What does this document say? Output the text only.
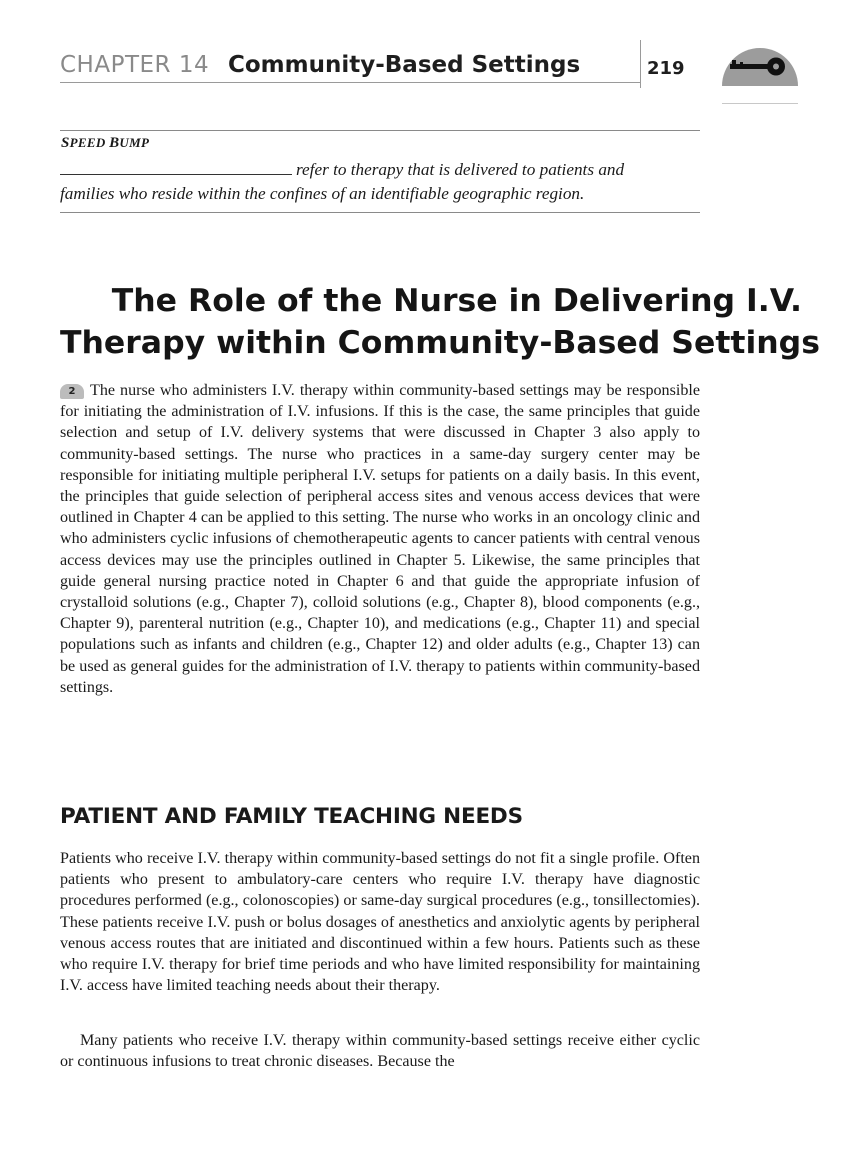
CHAPTER 14 Community-Based Settings	219
SPEED BUMP
refer to therapy that is delivered to patients and
families who reside within the confines of an identifiable geographic region.
The Role of the Nurse in Delivering I.V.
Therapy within Community-Based Settings

2 The nurse who administers I.V. therapy within community-based settings may be responsible for initiating the administration of I.V. infusions. If this is the case, the same principles that guide selection and setup of I.V. delivery systems that were discussed in Chapter 3 also apply to community-based settings. The nurse who practices in a same-day surgery center may be responsible for initiating multiple peripheral I.V. setups for patients on a daily basis. In this event, the principles that guide selection of peripheral access sites and venous access devices that were outlined in Chapter 4 can be applied to this setting. The nurse who works in an oncology clinic and who administers cyclic infusions of chemotherapeutic agents to cancer patients with central venous access devices may use the principles outlined in Chapter 5. Likewise, the same principles that guide general nursing practice noted in Chapter 6 and that guide the appropriate infusion of crystalloid solutions (e.g., Chapter 7), colloid solutions (e.g., Chapter 8), blood components (e.g., Chapter 9), parenteral nutrition (e.g., Chapter 10), and medications (e.g., Chapter 11) and special populations such as infants and children (e.g., Chapter 12) and older adults (e.g., Chapter 13) can be used as general guides for the administration of I.V. therapy to patients within community-based settings.

PATIENT AND FAMILY TEACHING NEEDS

Patients who receive I.V. therapy within community-based settings do not fit a single profile. Often patients who present to ambulatory-care centers who require I.V. therapy have diagnostic procedures performed (e.g., colonoscopies) or same-day surgical procedures (e.g., tonsillectomies). These patients receive I.V. push or bolus dosages of anesthetics and anxiolytic agents by peripheral venous access routes that are initiated and discontinued within a few hours. Patients such as these who require I.V. therapy for brief time periods and who have limited responsibility for maintaining I.V. access have limited teaching needs about their therapy.

Many patients who receive I.V. therapy within community-based settings receive either cyclic or continuous infusions to treat chronic diseases. Because the
